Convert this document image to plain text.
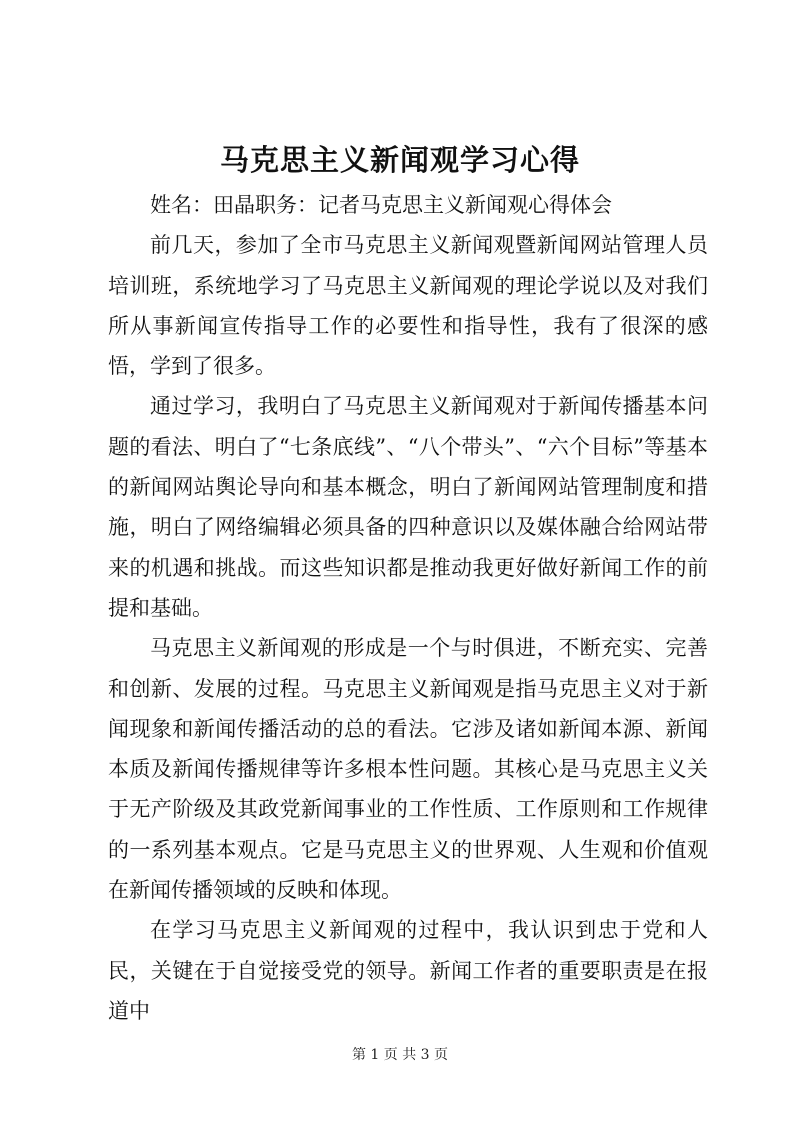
马克思主义新闻观学习心得

姓名：田晶职务：记者马克思主义新闻观心得体会

前几天，参加了全市马克思主义新闻观暨新闻网站管理人员培训班，系统地学习了马克思主义新闻观的理论学说以及对我们所从事新闻宣传指导工作的必要性和指导性，我有了很深的感悟，学到了很多。

通过学习，我明白了马克思主义新闻观对于新闻传播基本问题的看法、明白了“七条底线”、“八个带头”、“六个目标”等基本的新闻网站舆论导向和基本概念，明白了新闻网站管理制度和措施，明白了网络编辑必须具备的四种意识以及媒体融合给网站带来的机遇和挑战。而这些知识都是推动我更好做好新闻工作的前提和基础。

马克思主义新闻观的形成是一个与时俱进，不断充实、完善和创新、发展的过程。马克思主义新闻观是指马克思主义对于新闻现象和新闻传播活动的总的看法。它涉及诸如新闻本源、新闻本质及新闻传播规律等许多根本性问题。其核心是马克思主义关于无产阶级及其政党新闻事业的工作性质、工作原则和工作规律的一系列基本观点。它是马克思主义的世界观、人生观和价值观在新闻传播领域的反映和体现。

在学习马克思主义新闻观的过程中，我认识到忠于党和人民，关键在于自觉接受党的领导。新闻工作者的重要职责是在报道中

第 1 页 共 3 页
